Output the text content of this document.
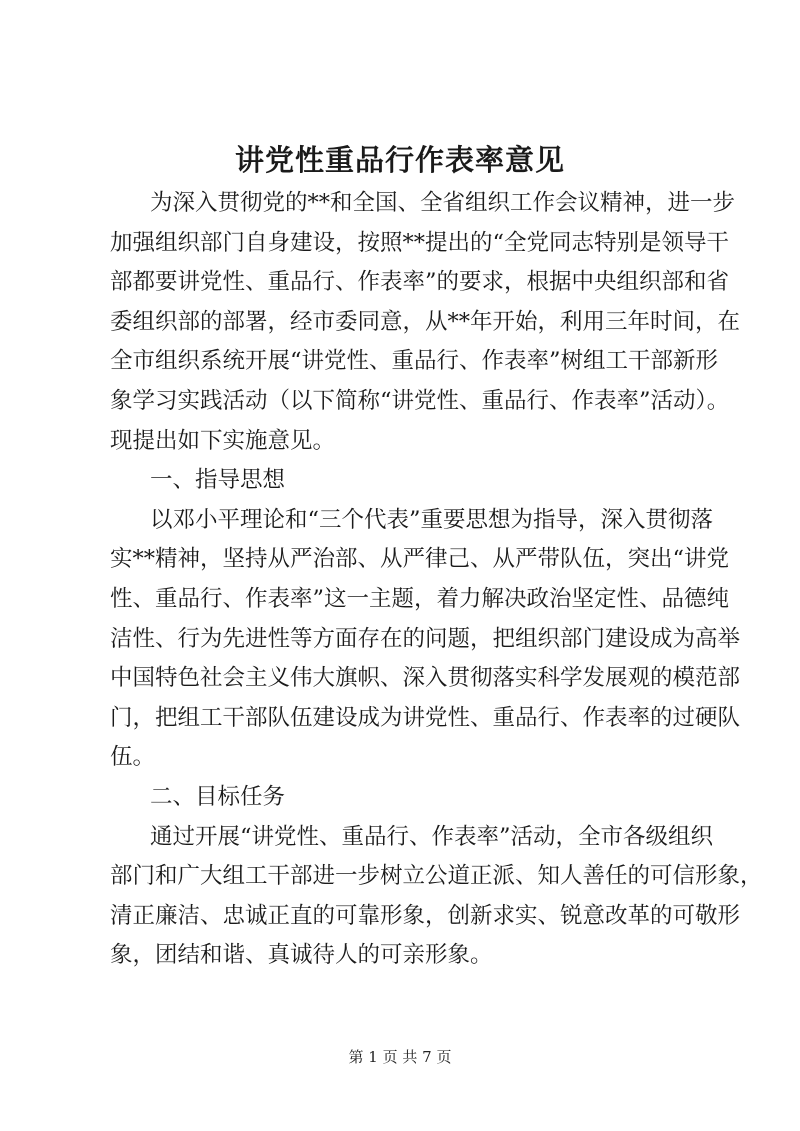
讲党性重品行作表率意见
为深入贯彻党的**和全国、全省组织工作会议精神，进一步
加强组织部门自身建设，按照**提出的“全党同志特别是领导干
部都要讲党性、重品行、作表率”的要求，根据中央组织部和省
委组织部的部署，经市委同意，从**年开始，利用三年时间，在
全市组织系统开展“讲党性、重品行、作表率”树组工干部新形
象学习实践活动（以下简称“讲党性、重品行、作表率”活动）。
现提出如下实施意见。
一、指导思想
以邓小平理论和“三个代表”重要思想为指导，深入贯彻落
实**精神，坚持从严治部、从严律己、从严带队伍，突出“讲党
性、重品行、作表率”这一主题，着力解决政治坚定性、品德纯
洁性、行为先进性等方面存在的问题，把组织部门建设成为高举
中国特色社会主义伟大旗帜、深入贯彻落实科学发展观的模范部
门，把组工干部队伍建设成为讲党性、重品行、作表率的过硬队
伍。
二、目标任务
通过开展“讲党性、重品行、作表率”活动，全市各级组织
部门和广大组工干部进一步树立公道正派、知人善任的可信形象，
清正廉洁、忠诚正直的可靠形象，创新求实、锐意改革的可敬形
象，团结和谐、真诚待人的可亲形象。
第 1 页 共 7 页
